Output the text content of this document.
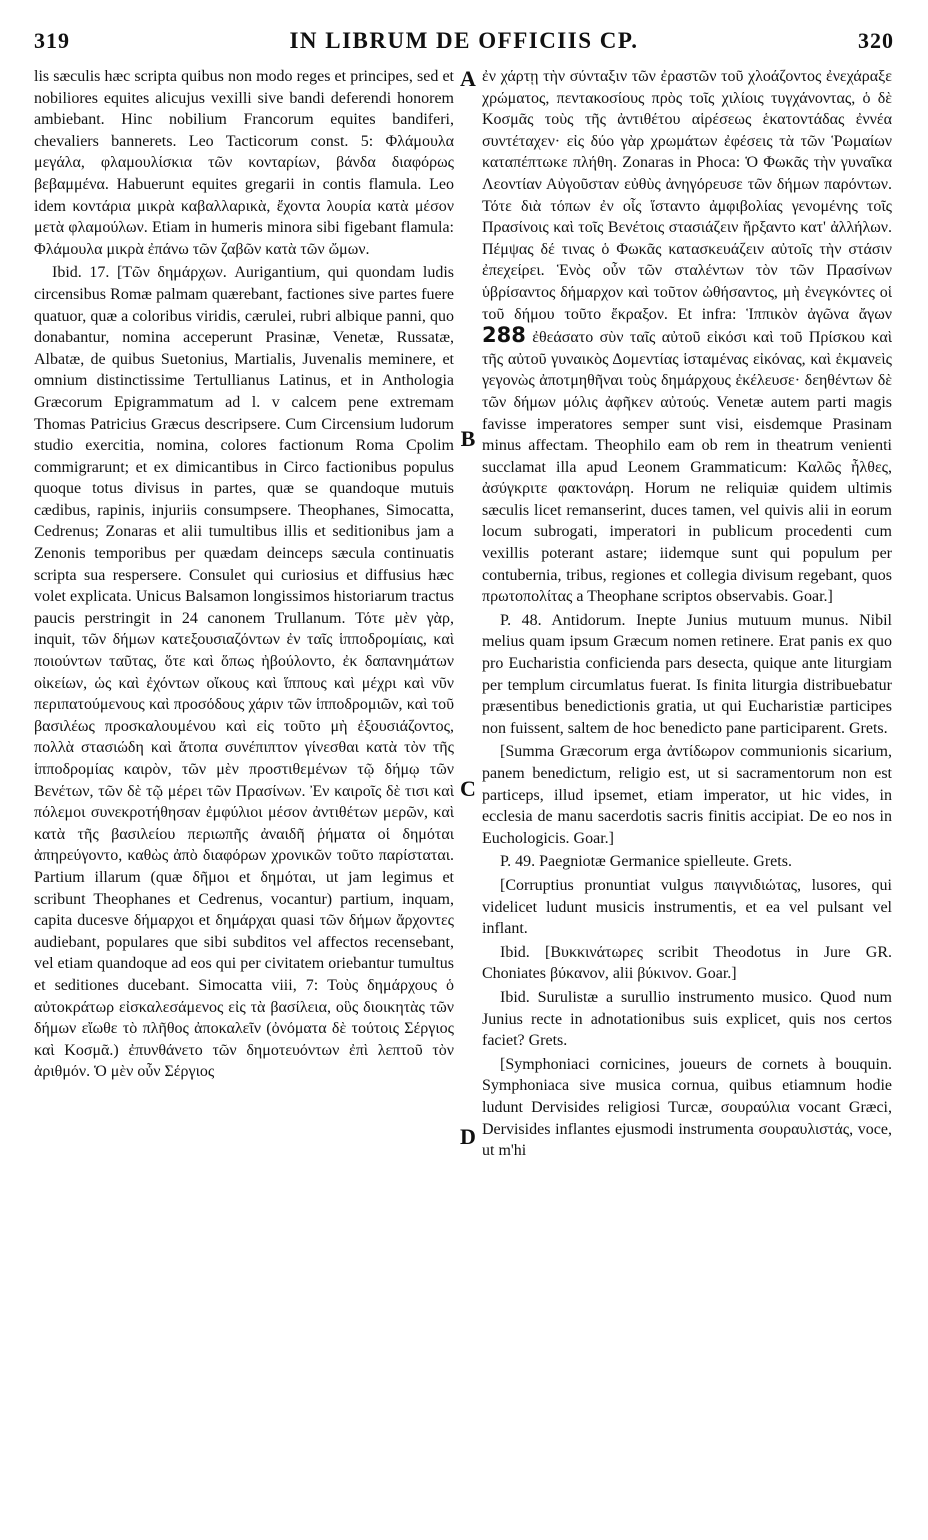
319	IN LIBRUM DE OFFICIIS CP.	320

lis sæculis hæc scripta quibus non modo reges et principes, sed et nobiliores equites alicujus vexilli sive bandi deferendi honorem ambiebant. Hinc nobilium Francorum equites bandiferi, chevaliers bannerets. Leo Tacticorum const. 5: Φλάμουλα μεγάλα, φλαμουλίσκια τῶν κονταρίων, βάνδα διαφόρως βεβαμμένα. Habuerunt equites gregarii in contis flamula. Leo idem κοντάρια μικρὰ καβαλλαρικὰ, ἔχοντα λουρία κατὰ μέσον μετὰ φλαμούλων. Etiam in humeris minora sibi figebant flamula: Φλάμουλα μικρὰ ἐπάνω τῶν ζαβῶν κατὰ τῶν ὤμων.

Ibid. 17. [Τῶν δημάρχων. Aurigantium, qui quondam ludis circensibus Romæ palmam quærebant, factiones sive partes fuere quatuor, quæ a coloribus viridis, cærulei, rubri albique panni, quo donabantur, nomina acceperunt Prasinæ, Venetæ, Russatæ, Albatæ, de quibus Suetonius, Martialis, Juvenalis meminere, et omnium distinctissime Tertullianus Latinus, et in Anthologia Græcorum Epigrammatum ad l. v calcem pene extremam Thomas Patricius Græcus descripsere. Cum Circensium ludorum studio exercitia, nomina, colores factionum Roma Cpolim commigrarunt; et ex dimicantibus in Circo factionibus populus quoque totus divisus in partes, quæ se quandoque mutuis cædibus, rapinis, injuriis consumpsere. Theophanes, Simocatta, Cedrenus; Zonaras et alii tumultibus illis et seditionibus jam a Zenonis temporibus per quædam deinceps sæcula continuatis scripta sua respersere. Consulet qui curiosius et diffusius hæc volet explicata. Unicus Balsamon longissimos historiarum tractus paucis perstringit in 24 canonem Trullanum. Τότε μὲν γὰρ, inquit, τῶν δήμων κατεξουσιαζόντων ἐν ταῖς ἱπποδρομίαις, καὶ ποιούντων ταῦτας, ὅτε καὶ ὅπως ἠβούλοντο, ἐκ δαπανημάτων οἰκείων, ὡς καὶ ἐχόντων οἴκους καὶ ἵππους καὶ μέχρι καὶ νῦν περιπατούμενους καὶ προσόδους χάριν τῶν ἱπποδρομιῶν, καὶ τοῦ βασιλέως προσκαλουμένου καὶ εἰς τοῦτο μὴ ἐξουσιάζοντος, πολλὰ στασιώδη καὶ ἄτοπα συνέπιπτον γίνεσθαι κατὰ τὸν τῆς ἱπποδρομίας καιρὸν, τῶν μὲν προστιθεμένων τῷ δήμῳ τῶν Βενέτων, τῶν δὲ τῷ μέρει τῶν Πρασίνων. Ἐν καιροῖς δὲ τισι καὶ πόλεμοι συνεκροτήθησαν ἐμφύλιοι μέσον ἀντιθέτων μερῶν, καὶ κατὰ τῆς βασιλείου περιωπῆς ἀναιδῆ ῥήματα οἱ δημόται ἀπηρεύγοντο, καθὼς ἀπὸ διαφόρων χρονικῶν τοῦτο παρίσταται. Partium illarum (quæ δῆμοι et δημόται, ut jam legimus et scribunt Theophanes et Cedrenus, vocantur) partium, inquam, capita ducesve δήμαρχοι et δημάρχαι quasi τῶν δήμων ἄρχοντες audiebant, populares que sibi subditos vel affectos recensebant, vel etiam quandoque ad eos qui per civitatem oriebantur tumultus et seditiones ducebant. Simocatta viii, 7: Τοὺς δημάρχους ὁ αὐτοκράτωρ εἰσκαλεσάμενος εἰς τὰ βασίλεια, οὓς διοικητὰς τῶν δήμων εἴωθε τὸ πλῆθος ἀποκαλεῖν (ὀνόματα δὲ τούτοις Σέργιος καὶ Κοσμᾶ.) ἐπυνθάνετο τῶν δημοτευόντων ἐπὶ λεπτοῦ τὸν ἀριθμόν. Ὁ μὲν οὖν Σέργιος

A
B
C
D

ἐν χάρτῃ τὴν σύνταξιν τῶν ἐραστῶν τοῦ χλοάζοντος ἐνεχάραξε χρώματος, πεντακοσίους πρὸς τοῖς χιλίοις τυγχάνοντας, ὁ δὲ Κοσμᾶς τοὺς τῆς ἀντιθέτου αἱρέσεως ἑκατοντάδας ἐννέα συντέταχεν· εἰς δύο γὰρ χρωμάτων ἐφέσεις τὰ τῶν Ῥωμαίων καταπέπτωκε πλήθη. Zonaras in Phoca: Ὁ Φωκᾶς τὴν γυναῖκα Λεοντίαν Αὐγοῦσταν εὐθὺς ἀνηγόρευσε τῶν δήμων παρόντων. Τότε διὰ τόπων ἐν οἷς ἵσταντο ἀμφιβολίας γενομένης τοῖς Πρασίνοις καὶ τοῖς Βενέτοις στασιάζειν ἤρξαντο κατ' ἀλλήλων. Πέμψας δέ τινας ὁ Φωκᾶς κατασκευάζειν αὐτοῖς τὴν στάσιν ἐπεχείρει. Ἑνὸς οὖν τῶν σταλέντων τὸν τῶν Πρασίνων ὑβρίσαντος δήμαρχον καὶ τοῦτον ὠθήσαντος, μὴ ἐνεγκόντες οἱ τοῦ δήμου τοῦτο ἔκραξον. Et infra: Ἱππικὸν ἀγῶνα ἄγων 288 ἐθεάσατο σὺν ταῖς αὐτοῦ εἰκόσι καὶ τοῦ Πρίσκου καὶ τῆς αὐτοῦ γυναικὸς Δομεντίας ἱσταμένας εἰκόνας, καὶ ἐκμανεὶς γεγονὼς ἀποτμηθῆναι τοὺς δημάρχους ἐκέλευσε· δεηθέντων δὲ τῶν δήμων μόλις ἀφῆκεν αὐτούς. Venetæ autem parti magis favisse imperatores semper sunt visi, eisdemque Prasinam minus affectam. Theophilo eam ob rem in theatrum venienti succlamat illa apud Leonem Grammaticum: Καλῶς ἦλθες, ἀσύγκριτε φακτονάρη. Horum ne reliquiæ quidem ultimis sæculis licet remanserint, duces tamen, vel quivis alii in eorum locum subrogati, imperatori in publicum procedenti cum vexillis poterant astare; iidemque sunt qui populum per contubernia, tribus, regiones et collegia divisum regebant, quos πρωτοπολίτας a Theophane scriptos observabis. Goar.]

P. 48. Antidorum. Inepte Junius mutuum munus. Nibil melius quam ipsum Græcum nomen retinere. Erat panis ex quo pro Eucharistia conficienda pars desecta, quique ante liturgiam per templum circumlatus fuerat. Is finita liturgia distribuebatur præsentibus benedictionis gratia, ut qui Eucharistiæ participes non fuissent, saltem de hoc benedicto pane participarent. Grets.

[Summa Græcorum erga ἀντίδωρον communionis sicarium, panem benedictum, religio est, ut si sacramentorum non est particeps, illud ipsemet, etiam imperator, ut hic vides, in ecclesia de manu sacerdotis sacris finitis accipiat. De eo nos in Euchologicis. Goar.]

P. 49. Paegniotæ Germanice spielleute. Grets.

[Corruptius pronuntiat vulgus παιγνιδιώτας, lusores, qui videlicet ludunt musicis instrumentis, et ea vel pulsant vel inflant.

Ibid. [Βυκκινάτωρες scribit Theodotus in Jure GR. Choniates βύκανον, alii βύκινον. Goar.]

Ibid. Surulistæ a surullio instrumento musico. Quod num Junius recte in adnotationibus suis explicet, quis nos certos faciet? Grets.

[Symphoniaci cornicines, joueurs de cornets à bouquin. Symphoniaca sive musica cornua, quibus etiamnum hodie ludunt Dervisides religiosi Turcæ, σουραύλια vocant Græci, Dervisides inflantes ejusmodi instrumenta σουραυλιστάς, voce, ut m'hi
